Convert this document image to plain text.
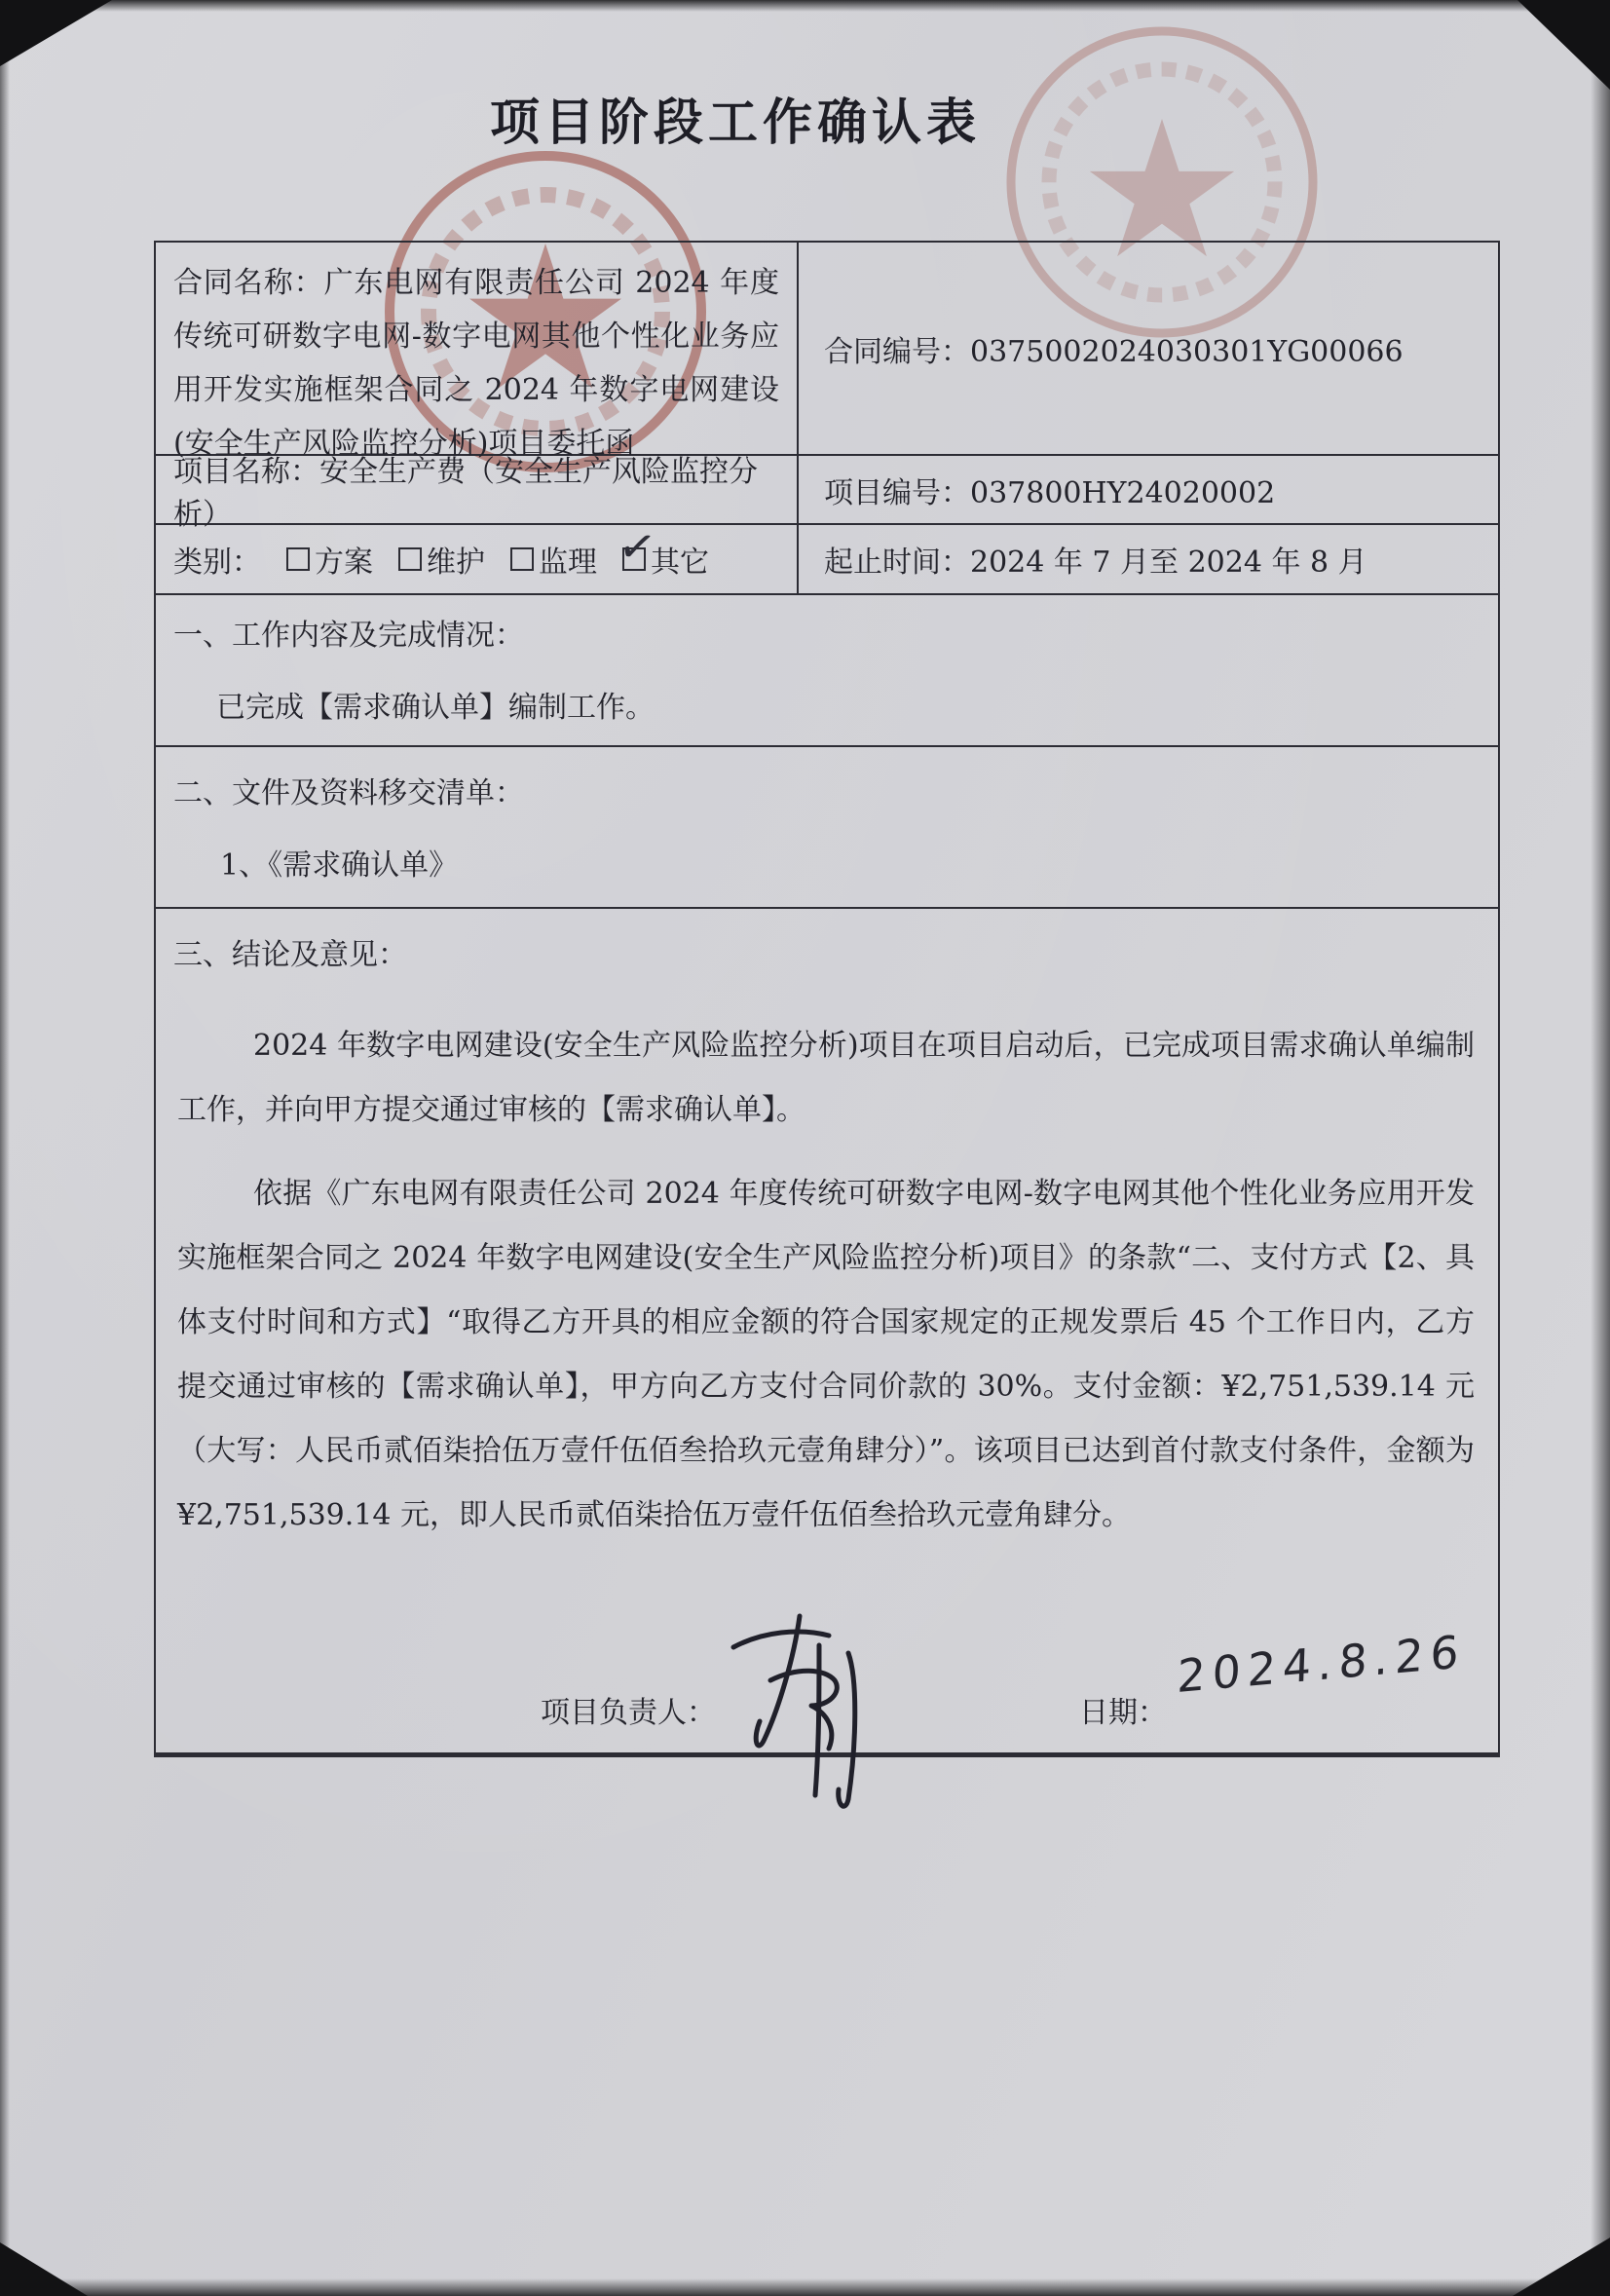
项目阶段工作确认表
合同名称：广东电网有限责任公司 2024 年度传统可研数字电网-数字电网其他个性化业务应用开发实施框架合同之 2024 年数字电网建设(安全生产风险监控分析)项目委托函
合同编号：0375002024030301YG00066
项目名称：安全生产费（安全生产风险监控分析）
项目编号：037800HY24020002
类别： 方案 维护 监理 ✓
其它	起止时间：2024 年 7 月至 2024 年 8 月
一、工作内容及完成情况：
已完成【需求确认单】编制工作。
二、文件及资料移交清单：
1、《需求确认单》
三、结论及意见：
2024 年数字电网建设(安全生产风险监控分析)项目在项目启动后，已完成项目需求确认单编制工作，并向甲方提交通过审核的【需求确认单】。
依据《广东电网有限责任公司 2024 年度传统可研数字电网-数字电网其他个性化业务应用开发实施框架合同之 2024 年数字电网建设(安全生产风险监控分析)项目》的条款“二、支付方式【2、具体支付时间和方式】“取得乙方开具的相应金额的符合国家规定的正规发票后 45 个工作日内，乙方提交通过审核的【需求确认单】，甲方向乙方支付合同价款的 30%。支付金额：¥2,751,539.14 元（大写：人民币贰佰柒拾伍万壹仟伍佰叁拾玖元壹角肆分）”。该项目已达到首付款支付条件，金额为¥2,751,539.14 元，即人民币贰佰柒拾伍万壹仟伍佰叁拾玖元壹角肆分。
项目负责人：	日期：
2024.8.26
